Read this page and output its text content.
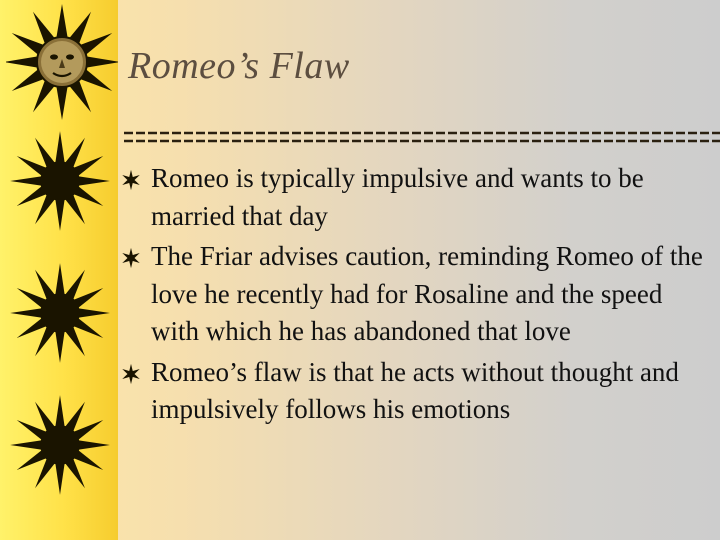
Romeo’s Flaw
Romeo is typically impulsive and wants to be married that day
The Friar advises caution, reminding Romeo of the love he recently had for Rosaline and the speed with which he has abandoned that love
Romeo’s flaw is that he acts without thought and impulsively follows his emotions
